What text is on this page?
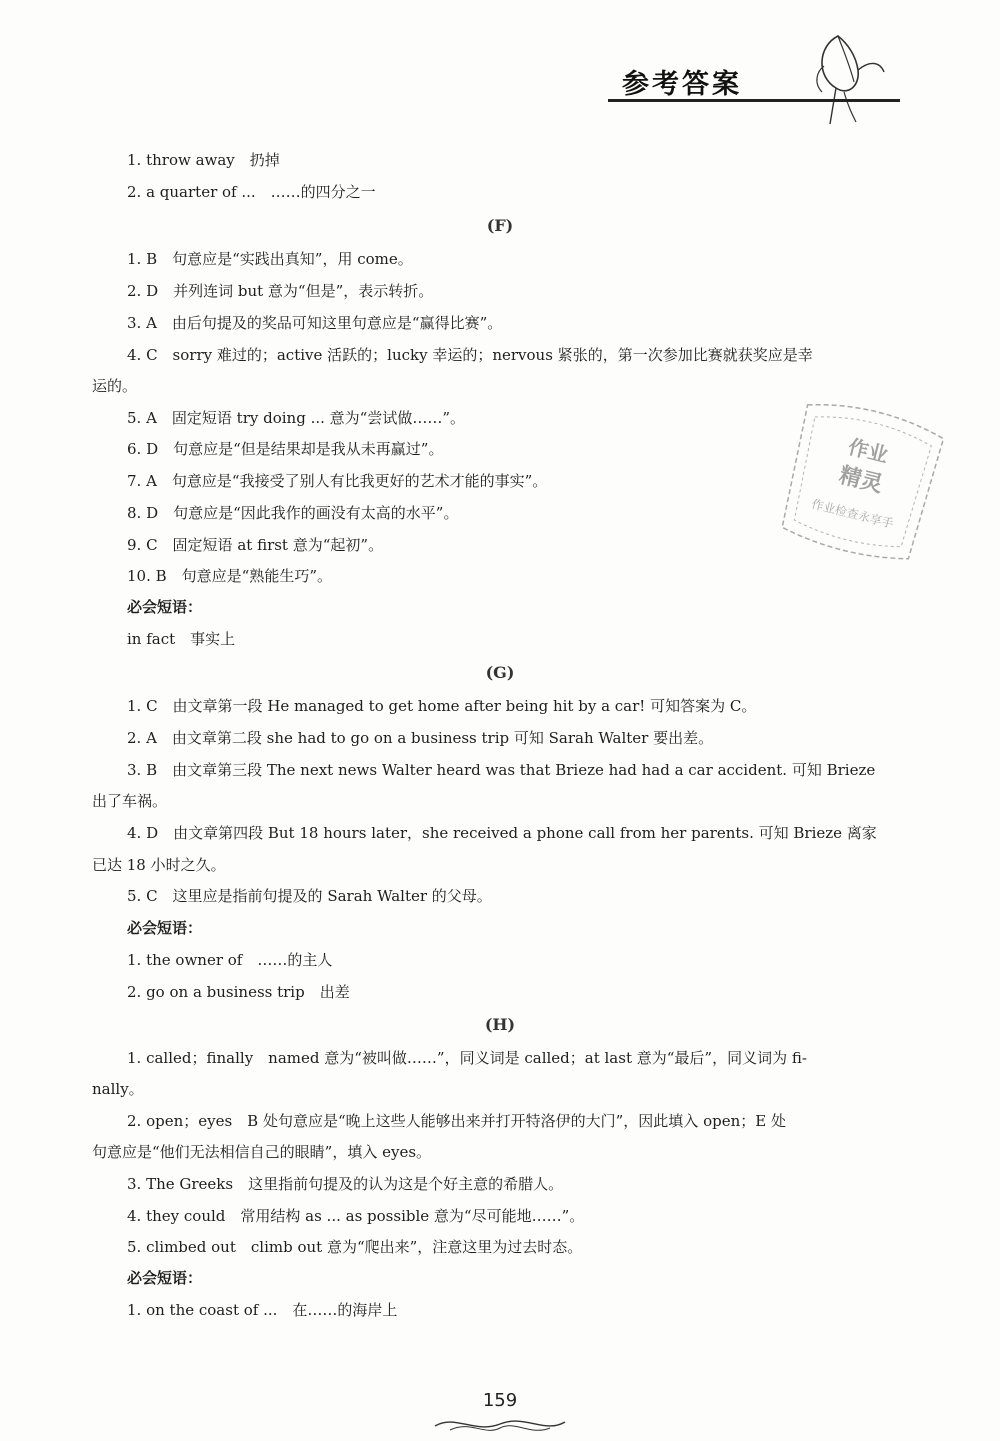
参考答案
作业
精灵
作业检查永享手
1. throw away　扔掉
2. a quarter of ...　……的四分之一
(F)
1. B　句意应是“实践出真知”，用 come。
2. D　并列连词 but 意为“但是”，表示转折。
3. A　由后句提及的奖品可知这里句意应是“赢得比赛”。
4. C　sorry 难过的；active 活跃的；lucky 幸运的；nervous 紧张的，第一次参加比赛就获奖应是幸
运的。
5. A　固定短语 try doing ... 意为“尝试做……”。
6. D　句意应是“但是结果却是我从未再赢过”。
7. A　句意应是“我接受了别人有比我更好的艺术才能的事实”。
8. D　句意应是“因此我作的画没有太高的水平”。
9. C　固定短语 at first 意为“起初”。
10. B　句意应是“熟能生巧”。
必会短语：
in fact　事实上
(G)
1. C　由文章第一段 He managed to get home after being hit by a car! 可知答案为 C。
2. A　由文章第二段 she had to go on a business trip 可知 Sarah Walter 要出差。
3. B　由文章第三段 The next news Walter heard was that Brieze had had a car accident. 可知 Brieze
出了车祸。
4. D　由文章第四段 But 18 hours later，she received a phone call from her parents. 可知 Brieze 离家
已达 18 小时之久。
5. C　这里应是指前句提及的 Sarah Walter 的父母。
必会短语：
1. the owner of　……的主人
2. go on a business trip　出差
(H)
1. called；finally　named 意为“被叫做……”，同义词是 called；at last 意为“最后”，同义词为 fi-
nally。
2. open；eyes　B 处句意应是“晚上这些人能够出来并打开特洛伊的大门”，因此填入 open；E 处
句意应是“他们无法相信自己的眼睛”，填入 eyes。
3. The Greeks　这里指前句提及的认为这是个好主意的希腊人。
4. they could　常用结构 as ... as possible 意为“尽可能地……”。
5. climbed out　climb out 意为“爬出来”，注意这里为过去时态。
必会短语：
1. on the coast of ...　在……的海岸上
159
